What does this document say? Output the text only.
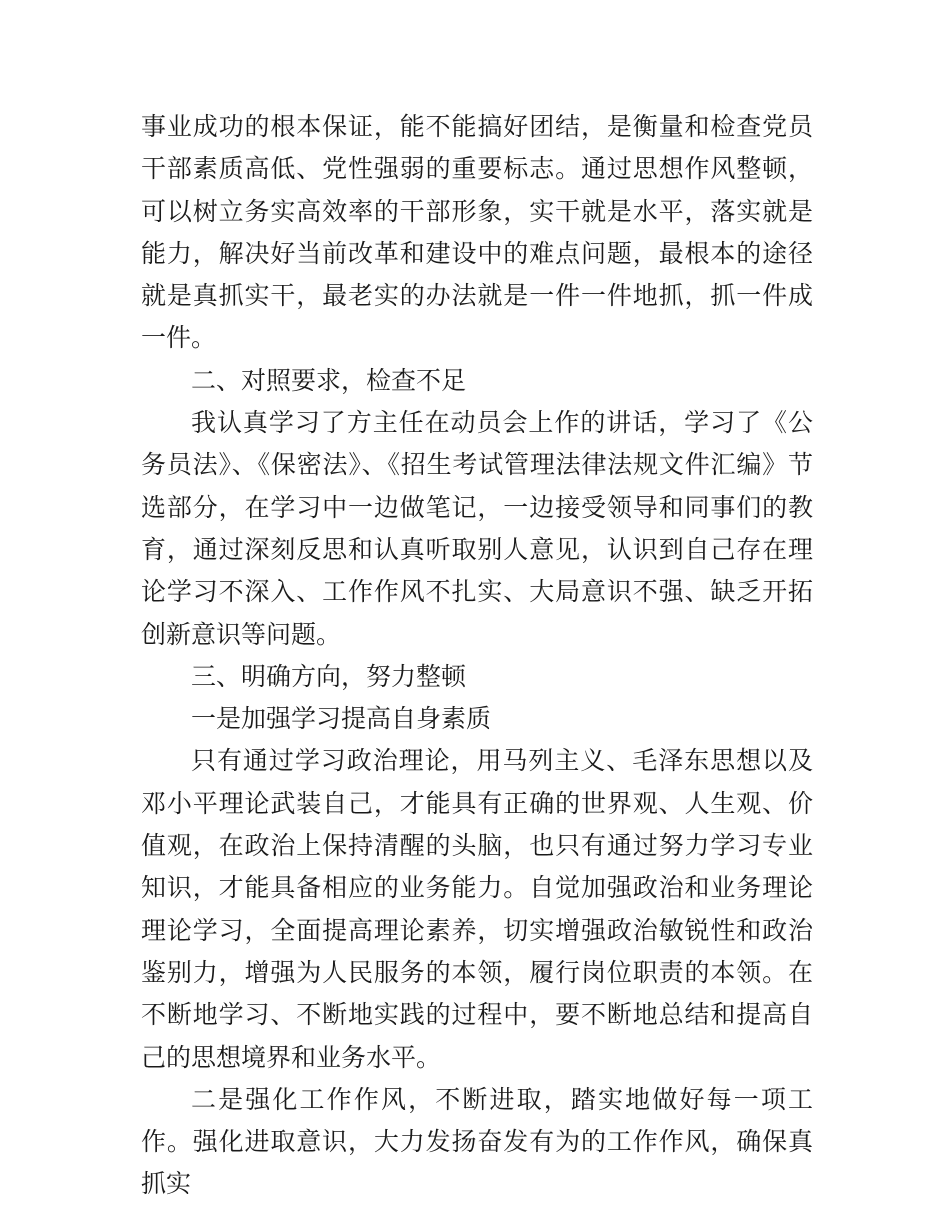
事业成功的根本保证，能不能搞好团结，是衡量和检查党员干部素质高低、党性强弱的重要标志。通过思想作风整顿，可以树立务实高效率的干部形象，实干就是水平，落实就是能力，解决好当前改革和建设中的难点问题，最根本的途径就是真抓实干，最老实的办法就是一件一件地抓，抓一件成一件。

二、对照要求，检查不足

我认真学习了方主任在动员会上作的讲话，学习了《公务员法》、《保密法》、《招生考试管理法律法规文件汇编》节选部分，在学习中一边做笔记，一边接受领导和同事们的教育，通过深刻反思和认真听取别人意见，认识到自己存在理论学习不深入、工作作风不扎实、大局意识不强、缺乏开拓创新意识等问题。

三、明确方向，努力整顿

一是加强学习提高自身素质

只有通过学习政治理论，用马列主义、毛泽东思想以及邓小平理论武装自己，才能具有正确的世界观、人生观、价值观，在政治上保持清醒的头脑，也只有通过努力学习专业知识，才能具备相应的业务能力。自觉加强政治和业务理论理论学习，全面提高理论素养，切实增强政治敏锐性和政治鉴别力，增强为人民服务的本领，履行岗位职责的本领。在不断地学习、不断地实践的过程中，要不断地总结和提高自己的思想境界和业务水平。

二是强化工作作风，不断进取，踏实地做好每一项工作。强化进取意识，大力发扬奋发有为的工作作风，确保真抓实
